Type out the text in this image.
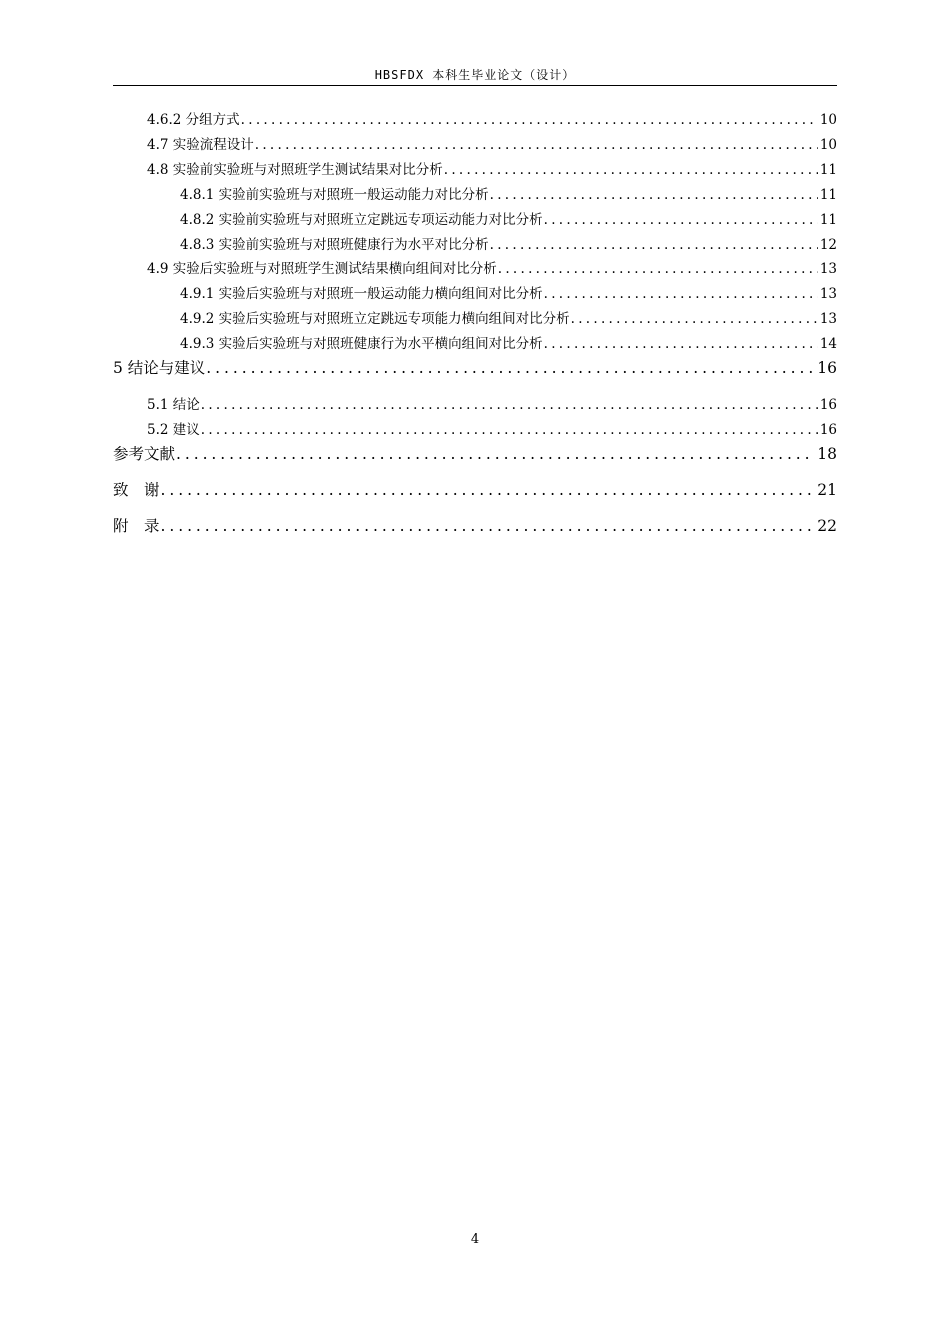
HBSFDX 本科生毕业论文（设计）
4.6.2 分组方式 . . .	10
4.7 实验流程设计 . . .	10
4.8 实验前实验班与对照班学生测试结果对比分析 . . .	11
4.8.1 实验前实验班与对照班一般运动能力对比分析 . . .	11
4.8.2 实验前实验班与对照班立定跳远专项运动能力对比分析 . . .	11
4.8.3 实验前实验班与对照班健康行为水平对比分析 . . .	12
4.9 实验后实验班与对照班学生测试结果横向组间对比分析 . . .	13
4.9.1 实验后实验班与对照班一般运动能力横向组间对比分析 . . .	13
4.9.2 实验后实验班与对照班立定跳远专项能力横向组间对比分析 . . .	13
4.9.3 实验后实验班与对照班健康行为水平横向组间对比分析 . . .	14
5 结论与建议 . . .	16
5.1 结论 . . .	16
5.2 建议 . . .	16
参考文献 . . .	18
致　谢 . . .	21
附　录 . . .	22
4
